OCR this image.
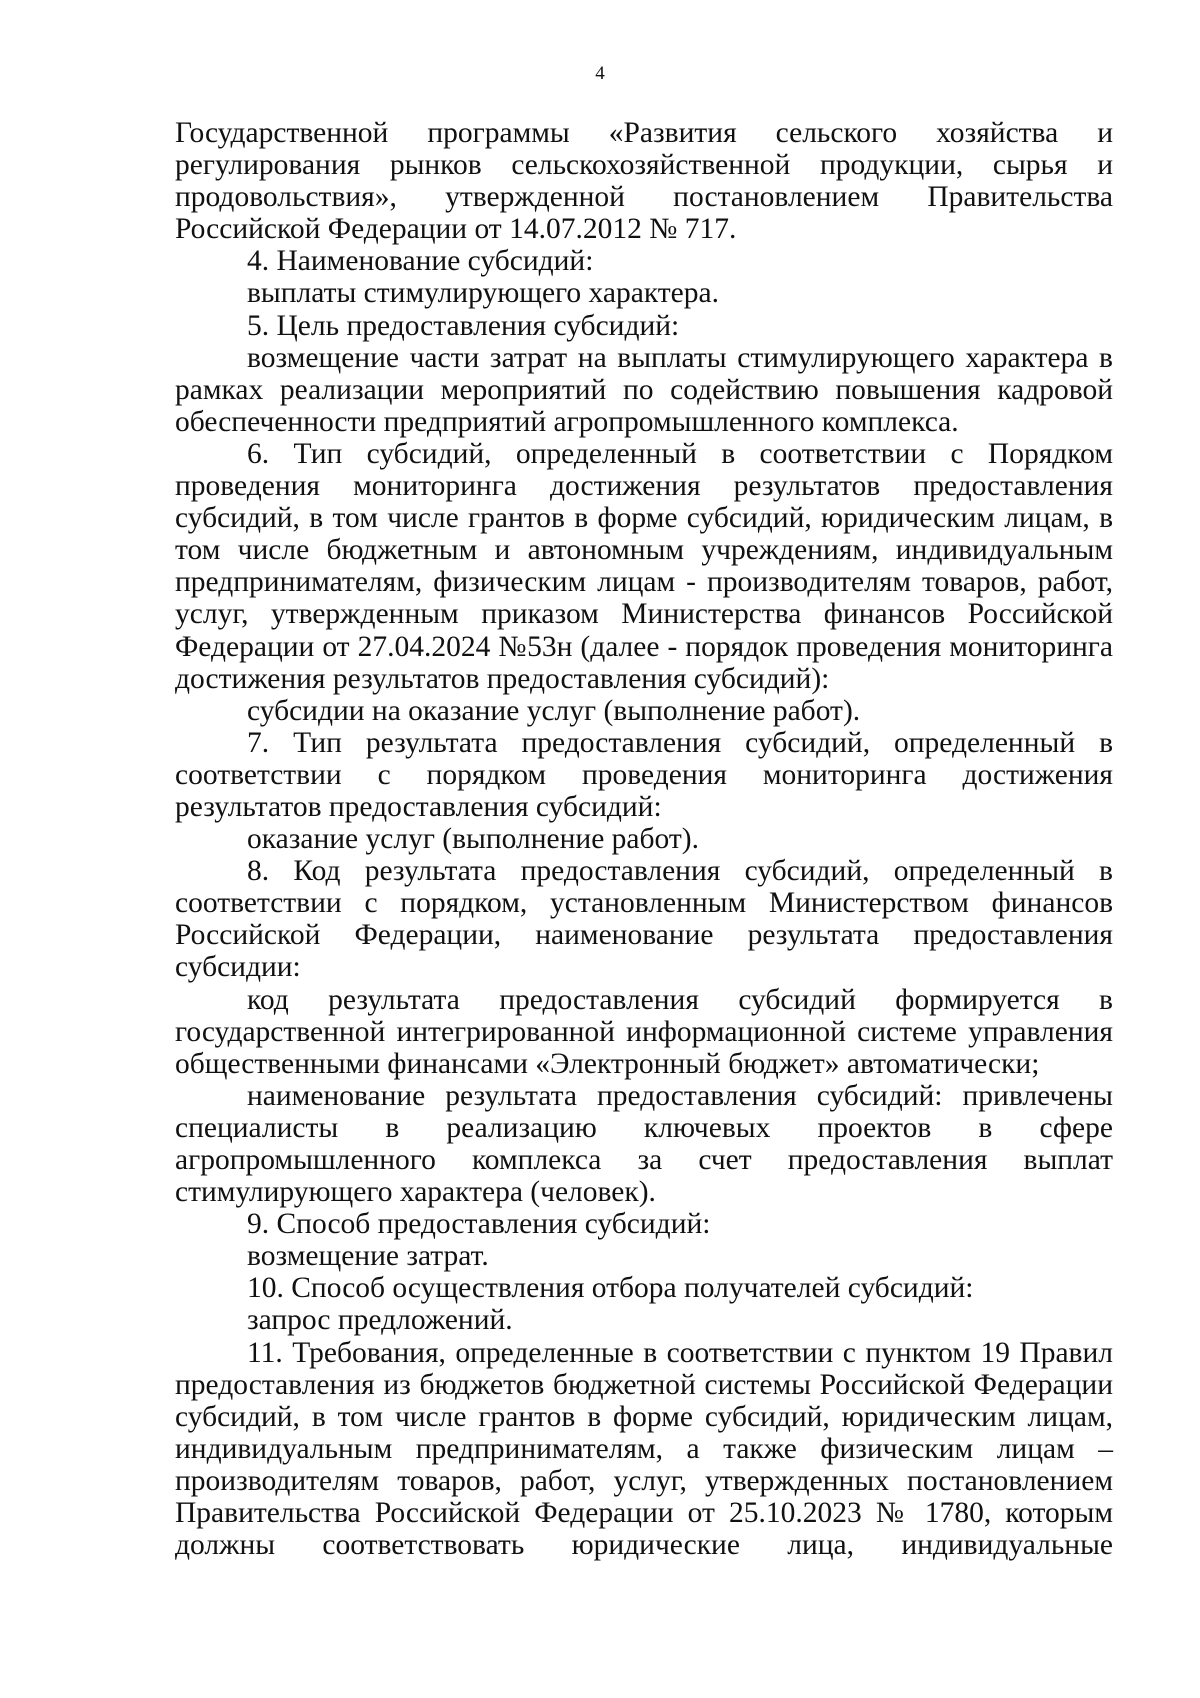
4

Государственной программы «Развития сельского хозяйства и регулирования рынков сельскохозяйственной продукции, сырья и продовольствия», утвержденной постановлением Правительства Российской Федерации от 14.07.2012 № 717.

4. Наименование субсидий:

выплаты стимулирующего характера.

5. Цель предоставления субсидий:

возмещение части затрат на выплаты стимулирующего характера в рамках реализации мероприятий по содействию повышения кадровой обеспеченности предприятий агропромышленного комплекса.

6. Тип субсидий, определенный в соответствии с Порядком проведения мониторинга достижения результатов предоставления субсидий, в том числе грантов в форме субсидий, юридическим лицам, в том числе бюджетным и автономным учреждениям, индивидуальным предпринимателям, физическим лицам - производителям товаров, работ, услуг, утвержденным приказом Министерства финансов Российской Федерации от 27.04.2024 №53н (далее - порядок проведения мониторинга достижения результатов предоставления субсидий):

субсидии на оказание услуг (выполнение работ).

7. Тип результата предоставления субсидий, определенный в соответствии с порядком проведения мониторинга достижения результатов предоставления субсидий:

оказание услуг (выполнение работ).

8. Код результата предоставления субсидий, определенный в соответствии с порядком, установленным Министерством финансов Российской Федерации, наименование результата предоставления субсидии:

код результата предоставления субсидий формируется в государственной интегрированной информационной системе управления общественными финансами «Электронный бюджет» автоматически;

наименование результата предоставления субсидий: привлечены специалисты в реализацию ключевых проектов в сфере агропромышленного комплекса за счет предоставления выплат стимулирующего характера (человек).

9. Способ предоставления субсидий:

возмещение затрат.

10. Способ осуществления отбора получателей субсидий:

запрос предложений.

11. Требования, определенные в соответствии с пунктом 19 Правил предоставления из бюджетов бюджетной системы Российской Федерации субсидий, в том числе грантов в форме субсидий, юридическим лицам, индивидуальным предпринимателям, а также физическим лицам – производителям товаров, работ, услуг, утвержденных постановлением Правительства Российской Федерации от 25.10.2023 № 1780, которым должны соответствовать юридические лица, индивидуальные
